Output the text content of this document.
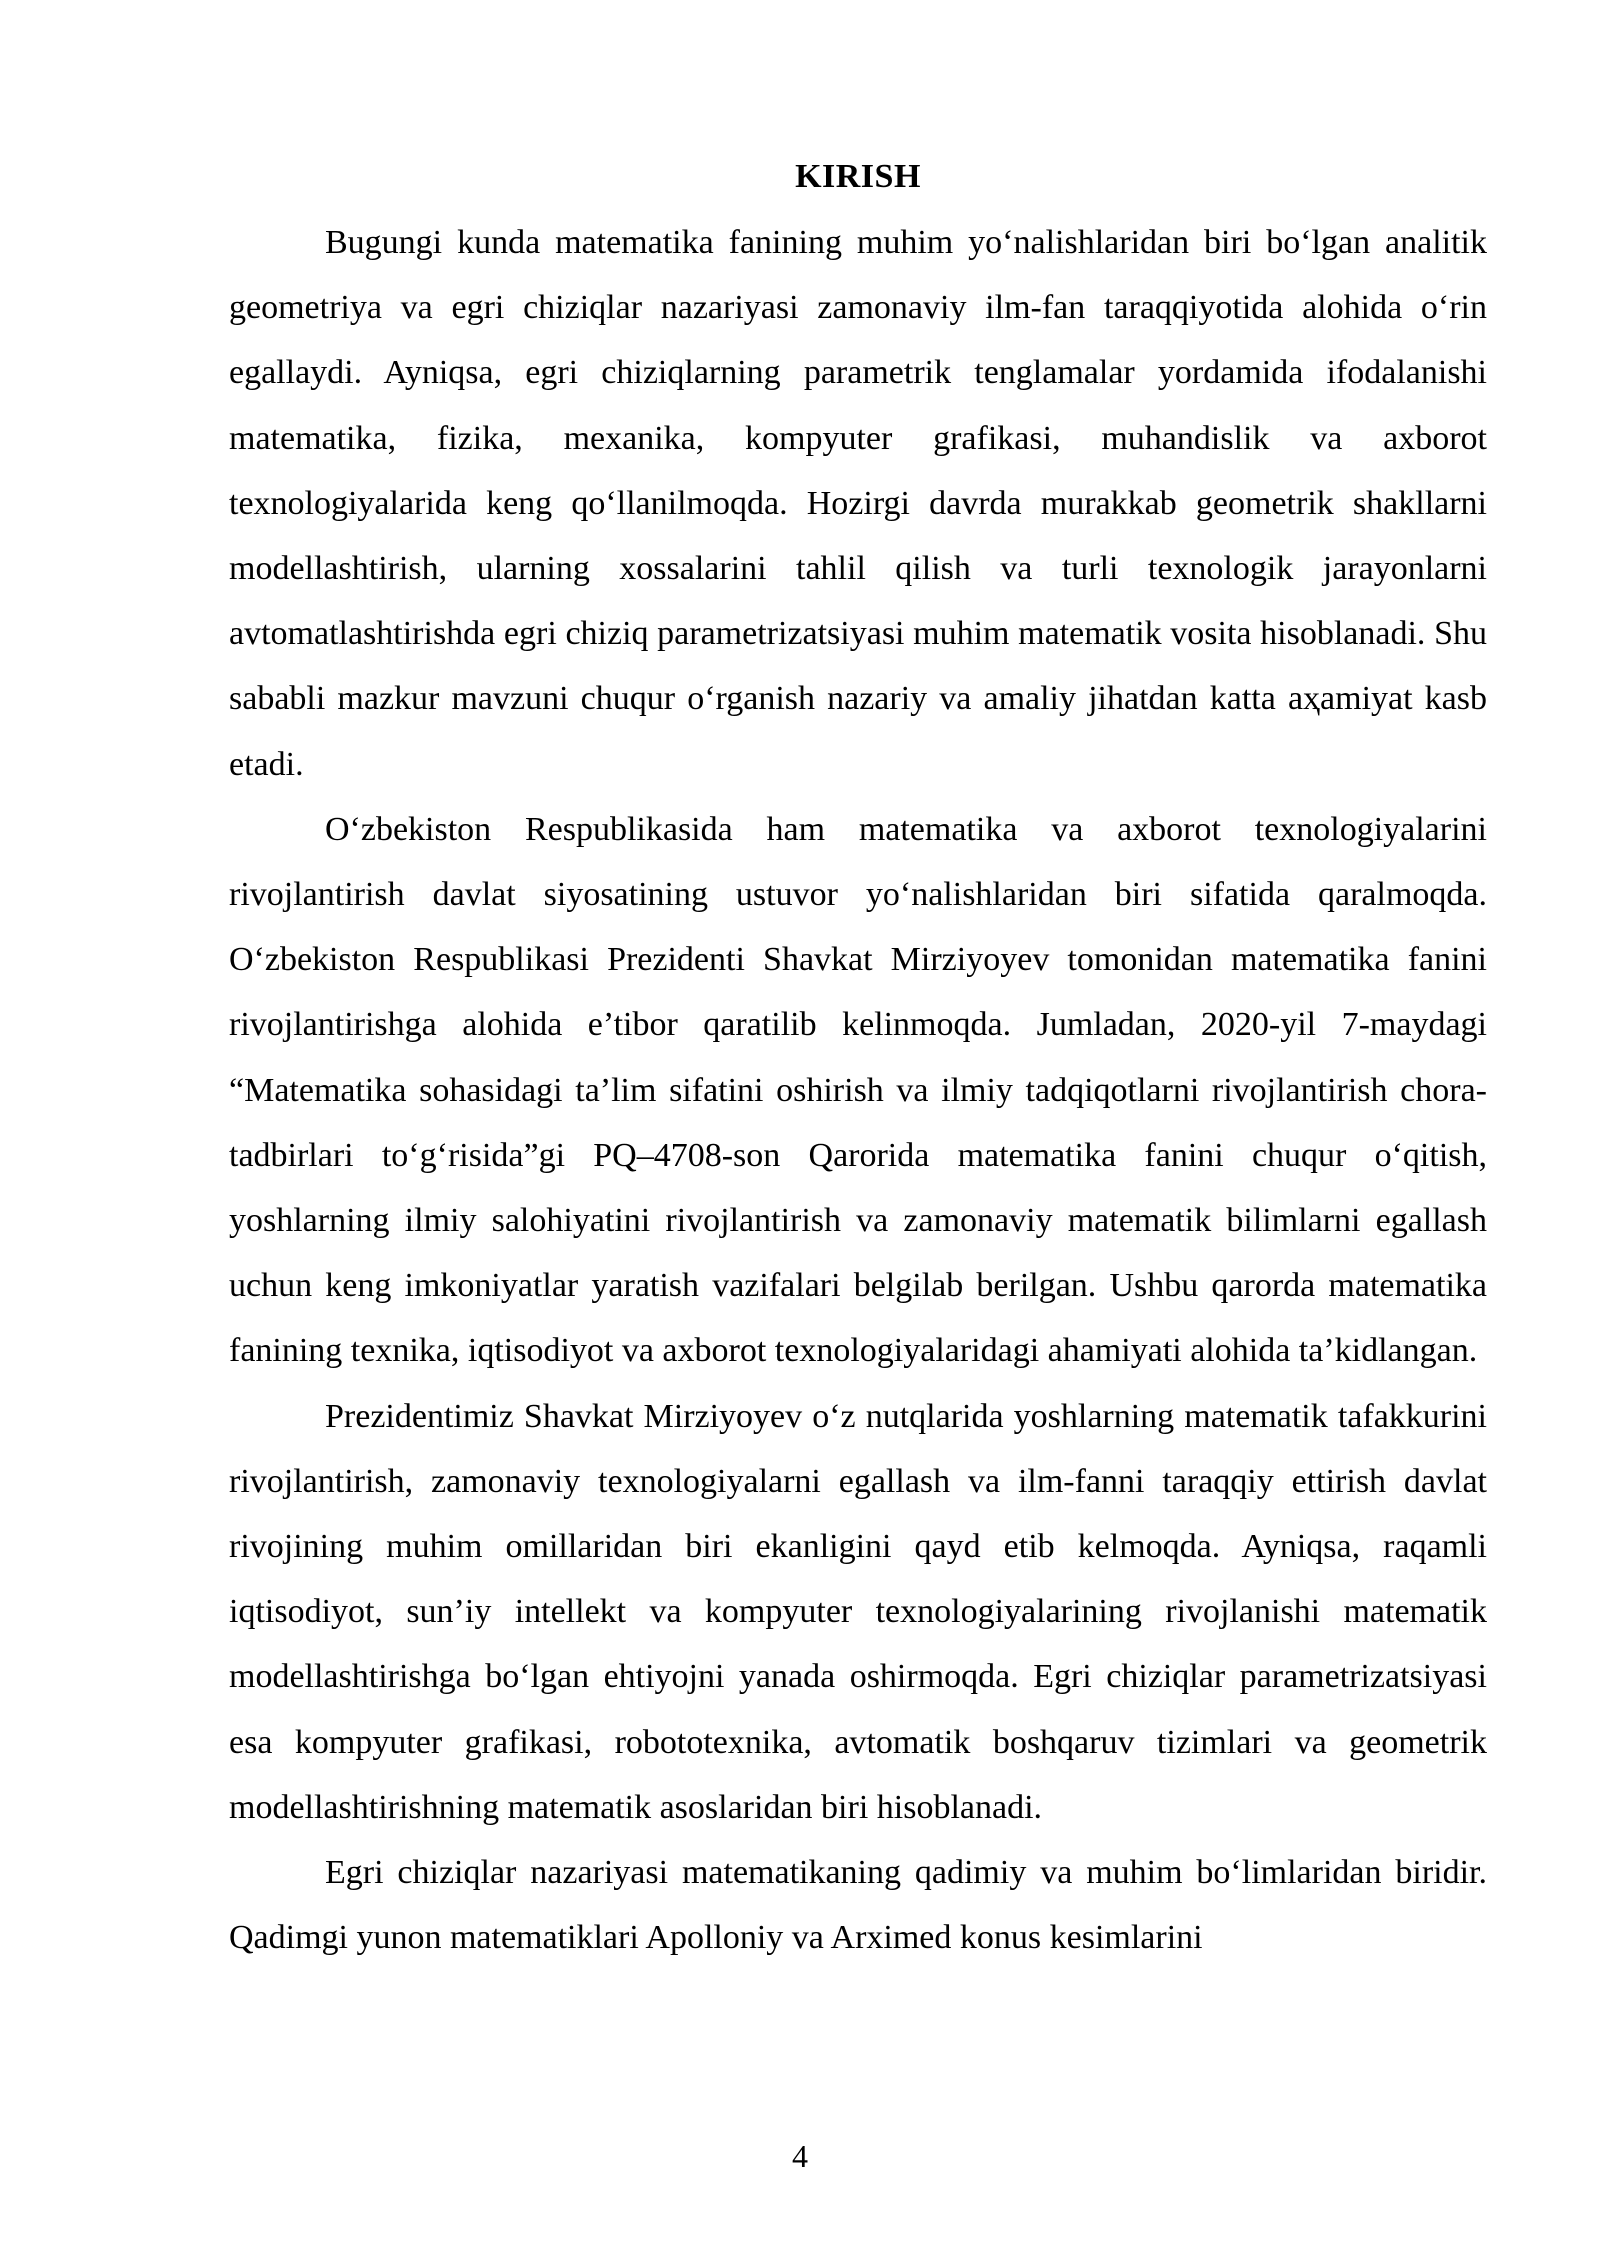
KIRISH

Bugungi kunda matematika fanining muhim yo‘nalishlaridan biri bo‘lgan analitik geometriya va egri chiziqlar nazariyasi zamonaviy ilm-fan taraqqiyotida alohida o‘rin egallaydi. Ayniqsa, egri chiziqlarning parametrik tenglamalar yordamida ifodalanishi matematika, fizika, mexanika, kompyuter grafikasi, muhandislik va axborot texnologiyalarida keng qo‘llanilmoqda. Hozirgi davrda murakkab geometrik shakllarni modellashtirish, ularning xossalarini tahlil qilish va turli texnologik jarayonlarni avtomatlashtirishda egri chiziq parametrizatsiyasi muhim matematik vosita hisoblanadi. Shu sababli mazkur mavzuni chuqur o‘rganish nazariy va amaliy jihatdan katta aҳamiyat kasb etadi.

O‘zbekiston Respublikasida ham matematika va axborot texnologiyalarini rivojlantirish davlat siyosatining ustuvor yo‘nalishlaridan biri sifatida qaralmoqda. O‘zbekiston Respublikasi Prezidenti Shavkat Mirziyoyev tomonidan matematika fanini rivojlantirishga alohida e’tibor qaratilib kelinmoqda. Jumladan, 2020-yil 7-maydagi “Matematika sohasidagi ta’lim sifatini oshirish va ilmiy tadqiqotlarni rivojlantirish chora-tadbirlari to‘g‘risida”gi PQ–4708-son Qarorida matematika fanini chuqur o‘qitish, yoshlarning ilmiy salohiyatini rivojlantirish va zamonaviy matematik bilimlarni egallash uchun keng imkoniyatlar yaratish vazifalari belgilab berilgan. Ushbu qarorda matematika fanining texnika, iqtisodiyot va axborot texnologiyalaridagi ahamiyati alohida ta’kidlangan.

Prezidentimiz Shavkat Mirziyoyev o‘z nutqlarida yoshlarning matematik tafakkurini rivojlantirish, zamonaviy texnologiyalarni egallash va ilm-fanni taraqqiy ettirish davlat rivojining muhim omillaridan biri ekanligini qayd etib kelmoqda. Ayniqsa, raqamli iqtisodiyot, sun’iy intellekt va kompyuter texnologiyalarining rivojlanishi matematik modellashtirishga bo‘lgan ehtiyojni yanada oshirmoqda. Egri chiziqlar parametrizatsiyasi esa kompyuter grafikasi, robototexnika, avtomatik boshqaruv tizimlari va geometrik modellashtirishning matematik asoslaridan biri hisoblanadi.

Egri chiziqlar nazariyasi matematikaning qadimiy va muhim bo‘limlaridan biridir. Qadimgi yunon matematiklari Apolloniy va Arximed konus kesimlarini

4
